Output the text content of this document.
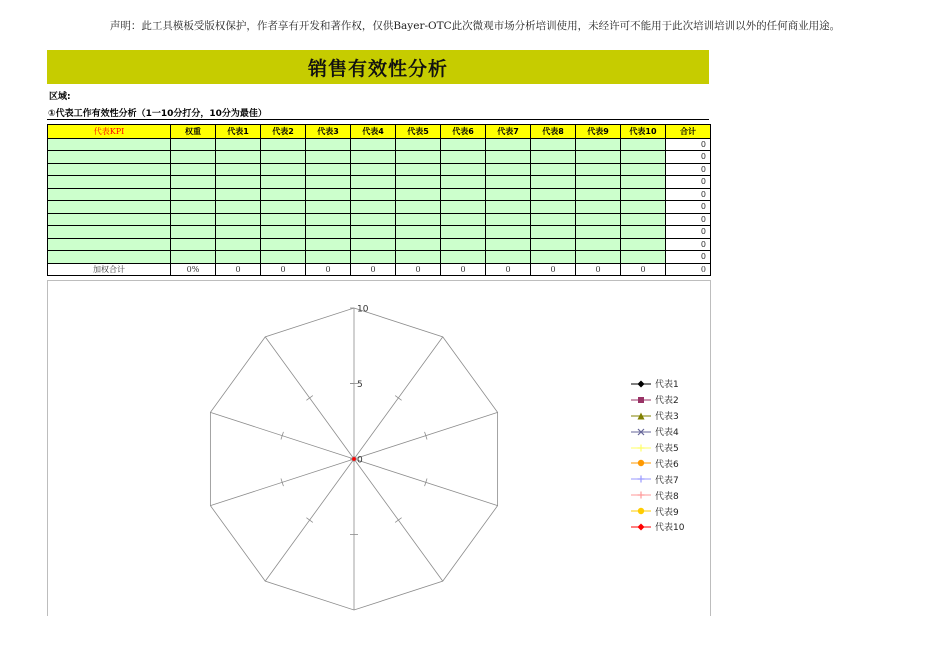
声明：此工具模板受版权保护，作者享有开发和著作权，仅供Bayer-OTC此次微观市场分析培训使用，未经许可不能用于此次培训培训以外的任何商业用途。
销售有效性分析
区域:
①代表工作有效性分析（1一10分打分，10分为最佳）
代表KPI	权重	代表1	代表2	代表3	代表4	代表5	代表6	代表7	代表8	代表9	代表10	合计
												0
												0
												0
												0
												0
												0
												0
												0
												0
												0
加权合计	0%	0	0	0	0	0	0	0	0	0	0	0
10
5
0
代表1
代表2
代表3
代表4
代表5
代表6
代表7
代表8
代表9
代表10
